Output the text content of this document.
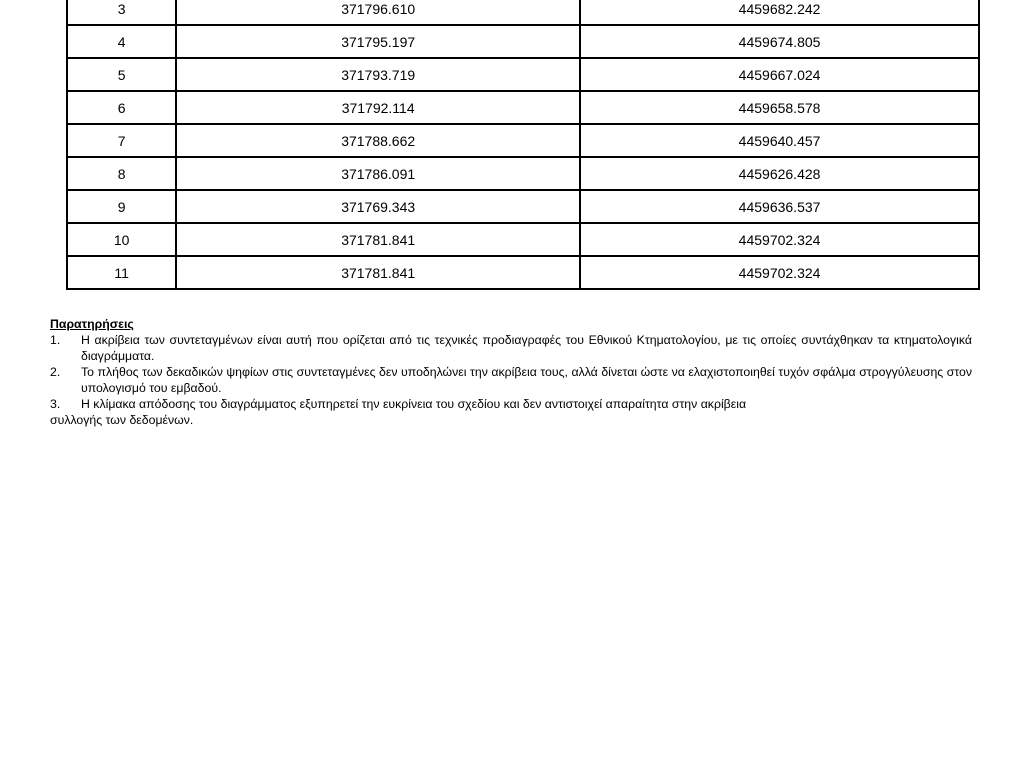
3	371796.610	4459682.242
4	371795.197	4459674.805
5	371793.719	4459667.024
6	371792.114	4459658.578
7	371788.662	4459640.457
8	371786.091	4459626.428
9	371769.343	4459636.537
10	371781.841	4459702.324
11	371781.841	4459702.324

Παρατηρήσεις

1.	Η ακρίβεια των συντεταγμένων είναι αυτή που ορίζεται από τις τεχνικές προδιαγραφές του Εθνικού Κτηματολογίου, με τις οποίες συντάχθηκαν τα κτηματολογικά διαγράμματα.
2.	Το πλήθος των δεκαδικών ψηφίων στις συντεταγμένες δεν υποδηλώνει την ακρίβεια τους, αλλά δίνεται ώστε να ελαχιστοποιηθεί τυχόν σφάλμα στρογγύλευσης στον υπολογισμό του εμβαδού.
3.	Η κλίμακα απόδοσης του διαγράμματος εξυπηρετεί την ευκρίνεια του σχεδίου και δεν αντιστοιχεί απαραίτητα στην ακρίβεια

συλλογής των δεδομένων.
